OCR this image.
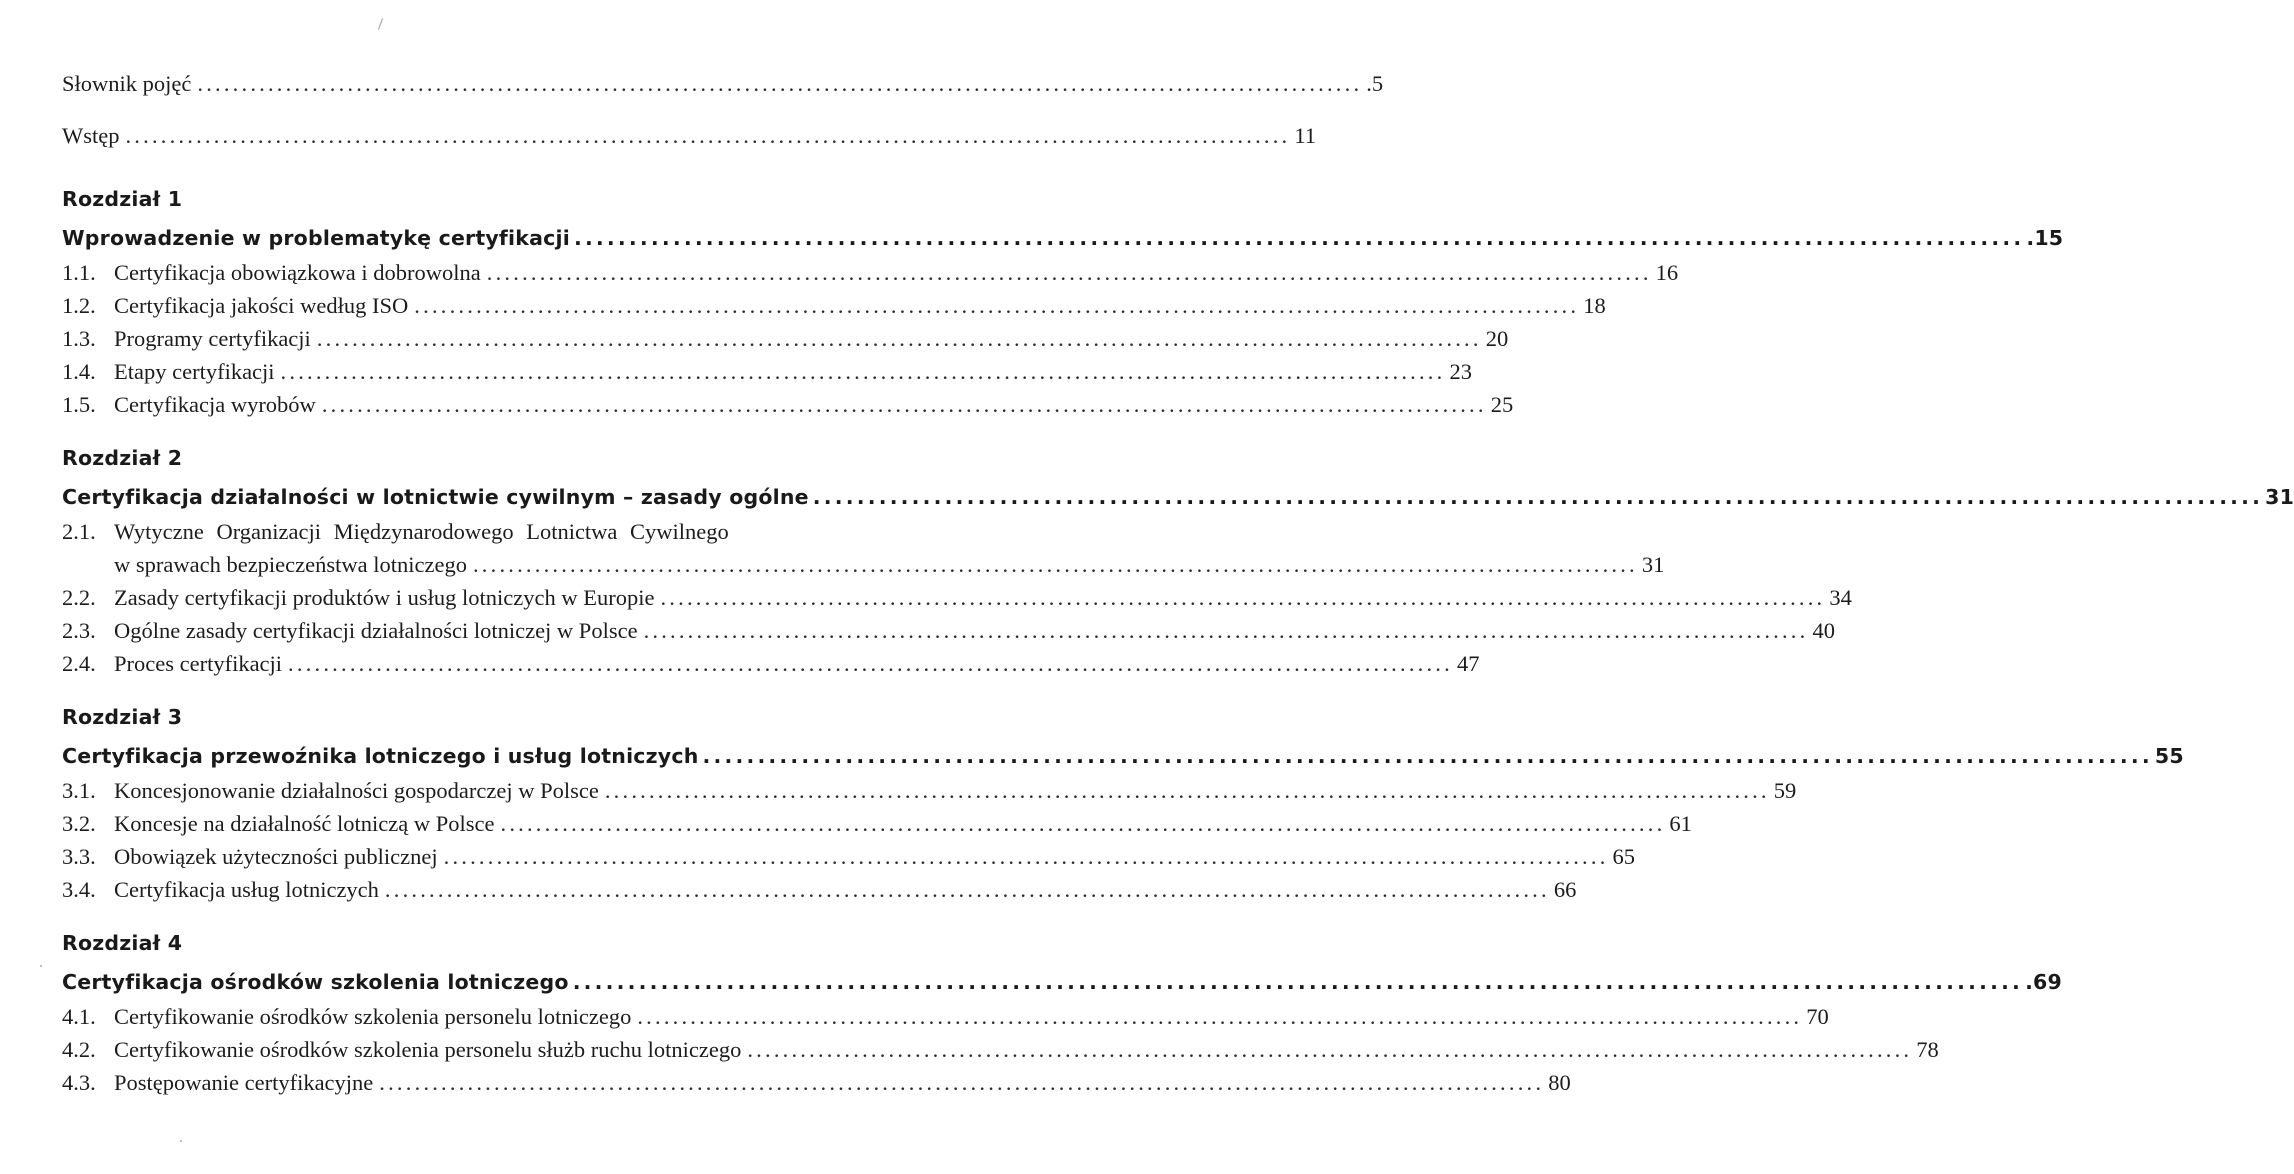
Słownik pojęć .................................................................................................................................... .5
Wstęp .................................................................................................................................... 11
Rozdział 1
Wprowadzenie w problematykę certyfikacji .................................................................................................................................... .15
1.1. Certyfikacja obowiązkowa i dobrowolna .................................................................................................................................... 16
1.2. Certyfikacja jakości według ISO .................................................................................................................................... 18
1.3. Programy certyfikacji .................................................................................................................................... 20
1.4. Etapy certyfikacji .................................................................................................................................... 23
1.5. Certyfikacja wyrobów .................................................................................................................................... 25
Rozdział 2
Certyfikacja działalności w lotnictwie cywilnym – zasady ogólne .................................................................................................................................... 31
2.1. Wytyczne Organizacji Międzynarodowego Lotnictwa Cywilnego
w sprawach bezpieczeństwa lotniczego .................................................................................................................................... 31
2.2. Zasady certyfikacji produktów i usług lotniczych w Europie .................................................................................................................................... 34
2.3. Ogólne zasady certyfikacji działalności lotniczej w Polsce .................................................................................................................................... 40
2.4. Proces certyfikacji .................................................................................................................................... 47
Rozdział 3
Certyfikacja przewoźnika lotniczego i usług lotniczych .................................................................................................................................... 55
3.1. Koncesjonowanie działalności gospodarczej w Polsce .................................................................................................................................... 59
3.2. Koncesje na działalność lotniczą w Polsce .................................................................................................................................... 61
3.3. Obowiązek użyteczności publicznej .................................................................................................................................... 65
3.4. Certyfikacja usług lotniczych .................................................................................................................................... 66
Rozdział 4
Certyfikacja ośrodków szkolenia lotniczego .................................................................................................................................... .69
4.1. Certyfikowanie ośrodków szkolenia personelu lotniczego .................................................................................................................................... 70
4.2. Certyfikowanie ośrodków szkolenia personelu służb ruchu lotniczego .................................................................................................................................... 78
4.3. Postępowanie certyfikacyjne .................................................................................................................................... 80
